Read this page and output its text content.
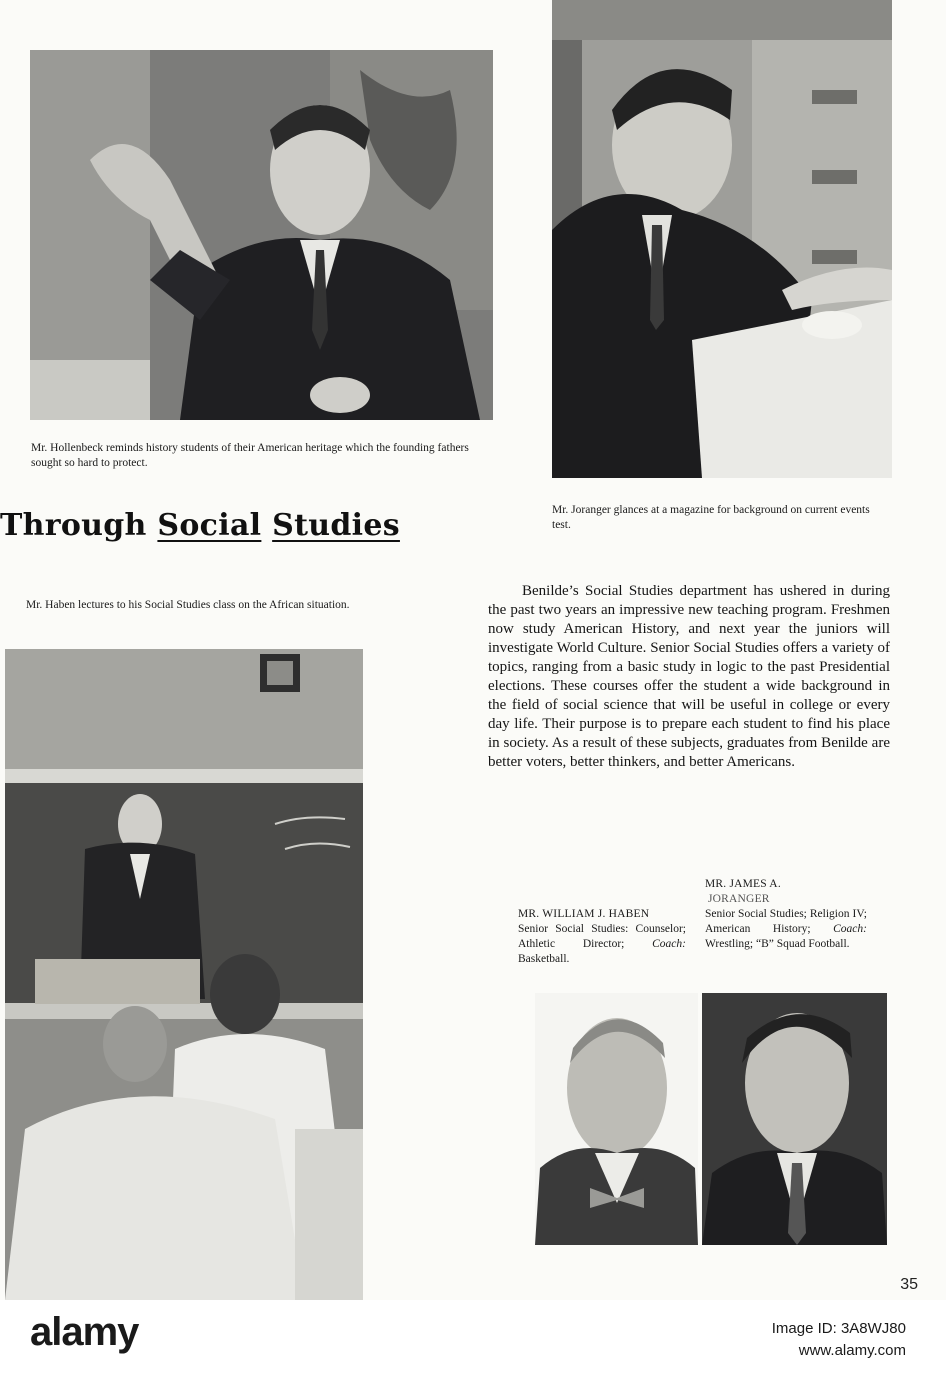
Mr. Hollenbeck reminds history students of their American heritage which the founding fathers sought so hard to protect.
Mr. Joranger glances at a magazine for background on current events test.
Through Social Studies
Mr. Haben lectures to his Social Studies class on the African situation.
Benilde’s Social Studies department has ushered in during the past two years an impressive new teaching program. Freshmen now study American History, and next year the juniors will investigate World Culture. Senior Social Studies offers a variety of topics, ranging from a basic study in logic to the past Presidential elections. These courses offer the student a wide background in the field of social science that will be useful in college or every day life. Their purpose is to prepare each student to find his place in society. As a result of these subjects, graduates from Benilde are better voters, better thinkers, and better Americans.
MR. WILLIAM J. HABEN
Senior Social Studies: Counselor; Athletic Director; Coach: Basketball.
MR. JAMES A.
JORANGER
Senior Social Studies; Religion IV; American History; Coach: Wrestling; “B” Squad Football.
35
alamy	Image ID: 3A8WJ80
www.alamy.com
